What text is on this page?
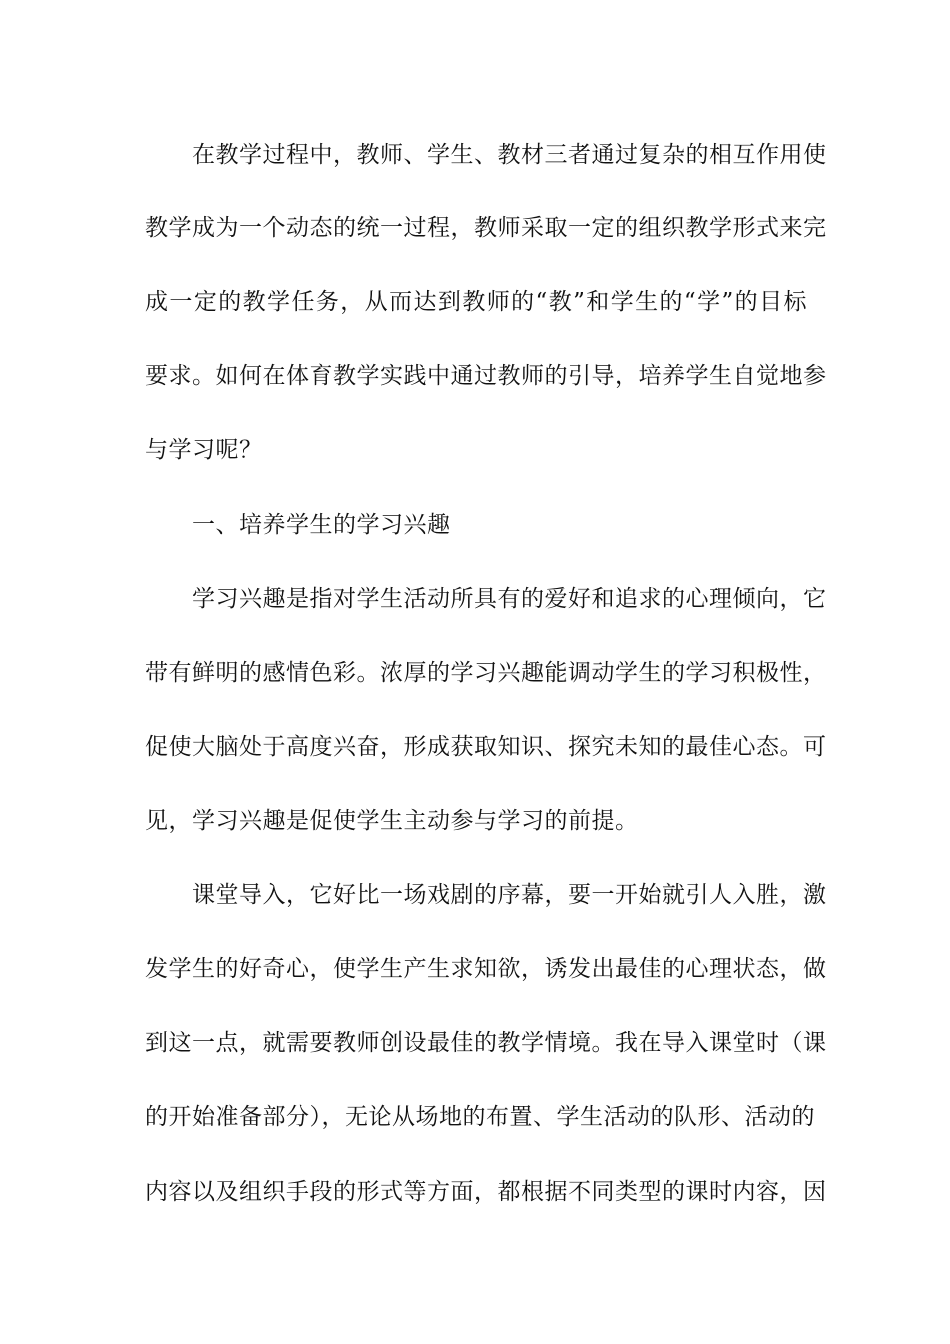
在教学过程中，教师、学生、教材三者通过复杂的相互作用使
教学成为一个动态的统一过程，教师采取一定的组织教学形式来完
成一定的教学任务，从而达到教师的“教”和学生的“学”的目标
要求。如何在体育教学实践中通过教师的引导，培养学生自觉地参
与学习呢？
一、培养学生的学习兴趣
学习兴趣是指对学生活动所具有的爱好和追求的心理倾向，它
带有鲜明的感情色彩。浓厚的学习兴趣能调动学生的学习积极性，
促使大脑处于高度兴奋，形成获取知识、探究未知的最佳心态。可
见，学习兴趣是促使学生主动参与学习的前提。
课堂导入，它好比一场戏剧的序幕，要一开始就引人入胜，激
发学生的好奇心，使学生产生求知欲，诱发出最佳的心理状态，做
到这一点，就需要教师创设最佳的教学情境。我在导入课堂时（课
的开始准备部分），无论从场地的布置、学生活动的队形、活动的
内容以及组织手段的形式等方面，都根据不同类型的课时内容，因
